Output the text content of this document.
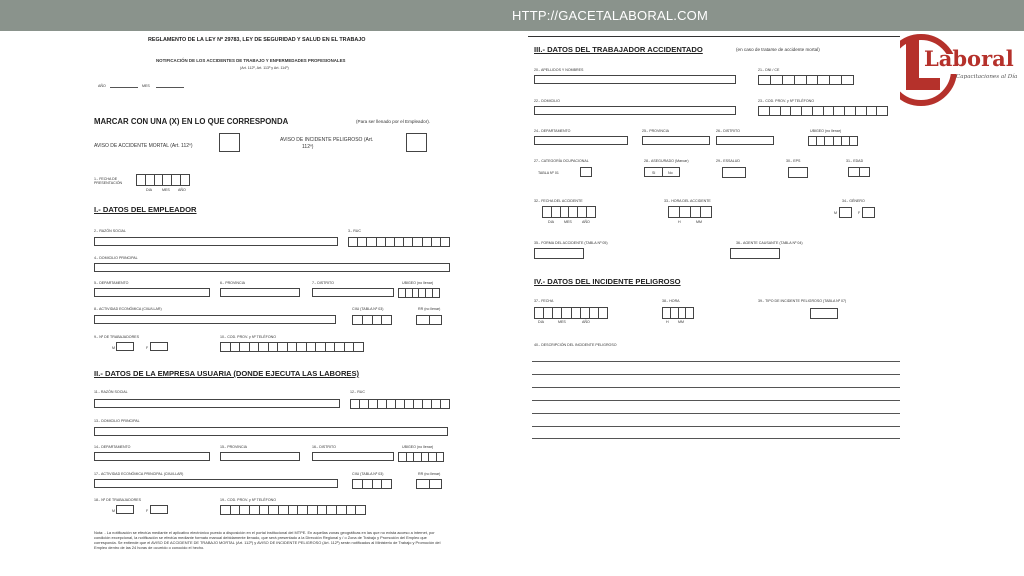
HTTP://GACETALABORAL.COM
Laboral
Capacitaciones al Día
REGLAMENTO DE LA LEY Nº 29783, LEY DE SEGURIDAD Y SALUD EN EL TRABAJO
NOTIFICACIÓN DE LOS ACCIDENTES DE TRABAJO Y ENFERMEDADES PROFESIONALES
(Art. 112º, Art. 113º y Art. 114º)
AÑO	MES
MARCAR CON UNA (X) EN LO QUE CORRESPONDA	(Para ser llenado por el Empleador).
AVISO DE ACCIDENTE MORTAL (Art. 112º)
AVISO DE INCIDENTE PELIGROSO (Art.
112º)
1.- FECHA DE
PRESENTACIÓN
DIA	MES AÑO
I.- DATOS DEL EMPLEADOR
2.- RAZÓN SOCIAL	3.- RUC
4.- DOMICILIO PRINCIPAL
5.- DEPARTAMENTO	6.- PROVINCIA	7.- DISTRITO	UBIGEO (no llenar)
8.- ACTIVIDAD ECONÓMICA (CIIU/LLAR)	CIIU (TABLA Nº 03)	RR (no llenar)
9.- Nº DE TRABAJADORES
M	F
10.- COD. PROV. y Nº TELÉFONO
II.- DATOS DE LA EMPRESA USUARIA (DONDE EJECUTA LAS LABORES)
11.- RAZÓN SOCIAL	12.- RUC
13.- DOMICILIO PRINCIPAL
14.- DEPARTAMENTO	15.- PROVINCIA	16.- DISTRITO	UBIGEO (no llenar)
17.- ACTIVIDAD ECONÓMICA PRINCIPAL (CIIU/LLAR)	CIIU (TABLA Nº 03)	RR (no llenar)
18.- Nº DE TRABAJADORES
M	F
19.- COD. PROV. y Nº TELÉFONO
Nota: - La notificación se efectúa mediante el aplicativo electrónico puesto a disposición en el portal institucional del MTPE. En aquellas zonas geográficas en las que no exista acceso a internet, por condición excepcional, la notificación se efectúa mediante formato manual debidamente llenado, que será presentado a la Dirección Regional y / o Zona de Trabajo y Promoción del Empleo que corresponda. Se entiende que el AVISO DE ACCIDENTE DE TRABAJO MORTAL (Art. 112º) y AVISO DE INCIDENTE PELIGROSO (Art. 112º) serán notificados al Ministerio de Trabajo y Promoción del Empleo dentro de las 24 horas de ocurrido o conocido el hecho.
III.- DATOS DEL TRABAJADOR ACCIDENTADO	(en caso de tratarse de accidente mortal)
20.- APELLIDOS Y NOMBRES	21.- DNI / CE
22.- DOMICILIO	23.- COD. PROV. y Nº TELÉFONO
24.- DEPARTAMENTO	25.- PROVINCIA	26.- DISTRITO	UBIGEO (no llenar)
27.- CATEGORÍA OCUPACIONAL
TABLA Nº 01
28.- ASEGURADO (Marcar)
SI	No
29.- ESSALUD	30.- EPS	31.- EDAD
32.- FECHA DEL ACCIDENTE
DIA	MES	AÑO
33.- HORA DEL ACCIDENTE
H	MM
34.- GÉNERO
M	F
35.- FORMA DEL ACCIDENTE (TABLA Nº 05)	36.- AGENTE CAUSANTE (TABLA Nº 04)
IV.- DATOS DEL INCIDENTE PELIGROSO
37.- FECHA
DIA	MES	AÑO
38.- HORA
H	MM
39.- TIPO DE INCIDENTE PELIGROSO (TABLA Nº 07)
40.- DESCRIPCIÓN DEL INCIDENTE PELIGROSO
